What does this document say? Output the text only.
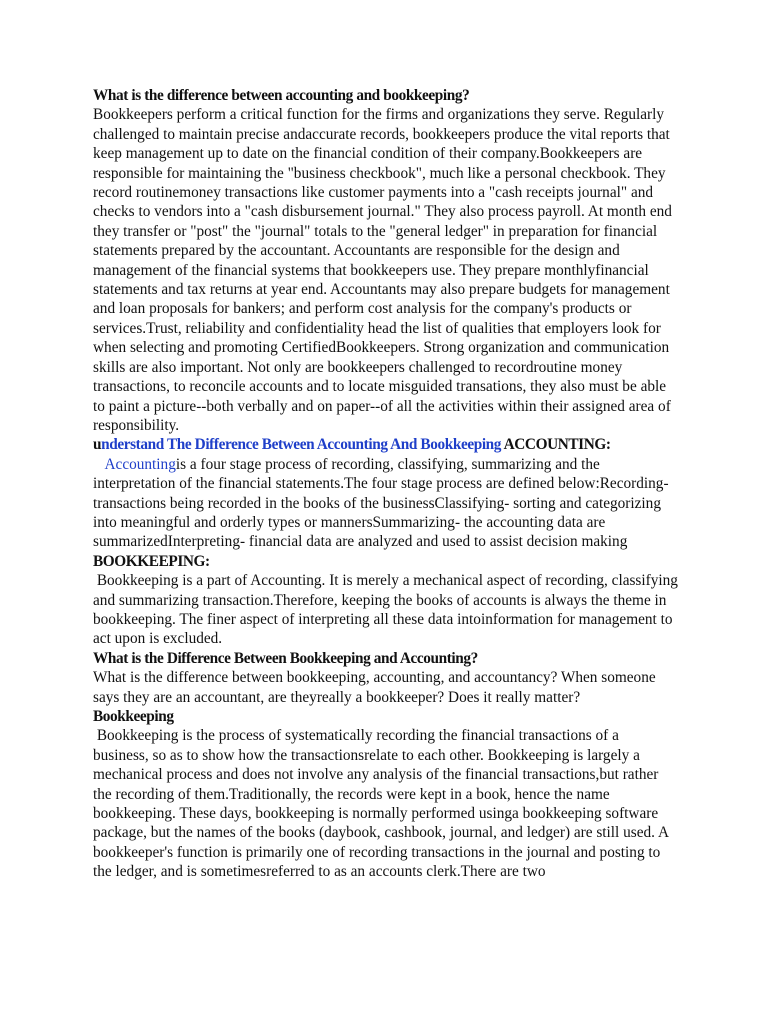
What is the difference between accounting and bookkeeping?

Bookkeepers perform a critical function for the firms and organizations they serve. Regularly challenged to maintain precise andaccurate records, bookkeepers produce the vital reports that keep management up to date on the financial condition of their company.Bookkeepers are responsible for maintaining the "business checkbook", much like a personal checkbook. They record routinemoney transactions like customer payments into a "cash receipts journal" and checks to vendors into a "cash disbursement journal." They also process payroll. At month end they transfer or "post" the "journal" totals to the "general ledger" in preparation for financial statements prepared by the accountant. Accountants are responsible for the design and management of the financial systems that bookkeepers use. They prepare monthlyfinancial statements and tax returns at year end. Accountants may also prepare budgets for management and loan proposals for bankers; and perform cost analysis for the company's products or services.Trust, reliability and confidentiality head the list of qualities that employers look for when selecting and promoting CertifiedBookkeepers. Strong organization and communication skills are also important. Not only are bookkeepers challenged to recordroutine money transactions, to reconcile accounts and to locate misguided transations, they also must be able to paint a picture--both verbally and on paper--of all the activities within their assigned area of responsibility.

understand The Difference Between Accounting And Bookkeeping ACCOUNTING:

Accountingis a four stage process of recording, classifying, summarizing and the interpretation of the financial statements.The four stage process are defined below:Recording- transactions being recorded in the books of the businessClassifying- sorting and categorizing into meaningful and orderly types or mannersSummarizing- the accounting data are summarizedInterpreting- financial data are analyzed and used to assist decision making

BOOKKEEPING:

Bookkeeping is a part of Accounting. It is merely a mechanical aspect of recording, classifying and summarizing transaction.Therefore, keeping the books of accounts is always the theme in bookkeeping. The finer aspect of interpreting all these data intoinformation for management to act upon is excluded.

What is the Difference Between Bookkeeping and Accounting?

What is the difference between bookkeeping, accounting, and accountancy? When someone says they are an accountant, are theyreally a bookkeeper? Does it really matter?

Bookkeeping

Bookkeeping is the process of systematically recording the financial transactions of a business, so as to show how the transactionsrelate to each other. Bookkeeping is largely a mechanical process and does not involve any analysis of the financial transactions,but rather the recording of them.Traditionally, the records were kept in a book, hence the name bookkeeping. These days, bookkeeping is normally performed usinga bookkeeping software package, but the names of the books (daybook, cashbook, journal, and ledger) are still used. A bookkeeper's function is primarily one of recording transactions in the journal and posting to the ledger, and is sometimesreferred to as an accounts clerk.There are two
